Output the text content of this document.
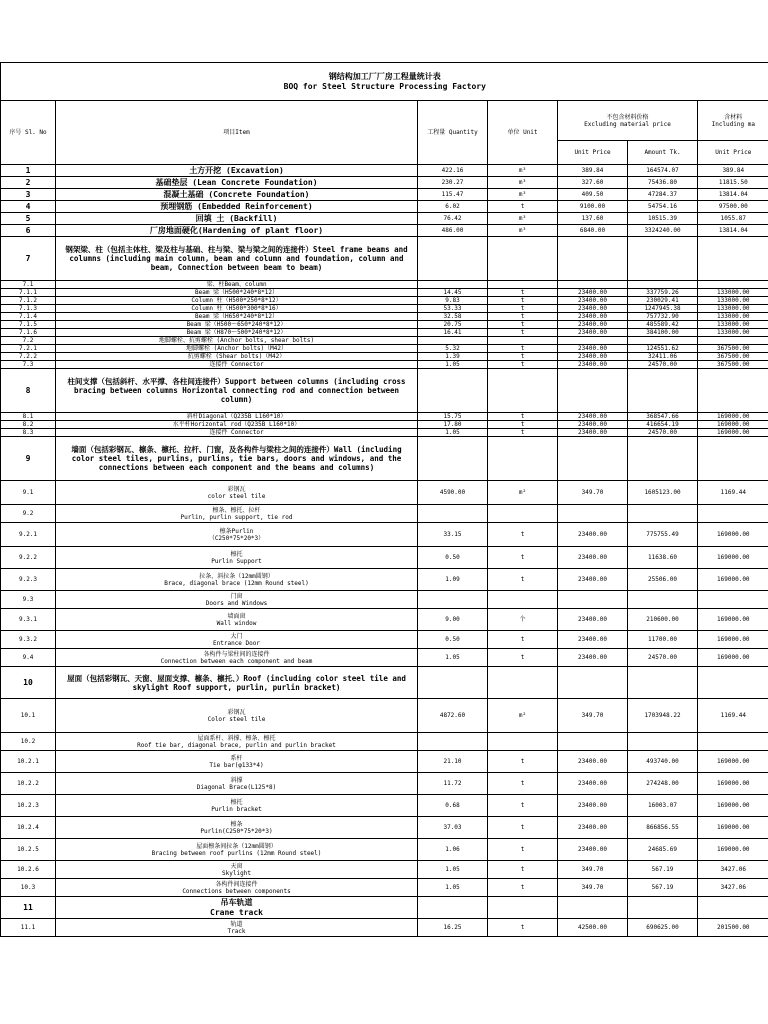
钢结构加工厂厂房工程量统计表
BOQ for Steel Structure Processing Factory						

序号 Sl. No	项目Item	工程量 Quantity	单位 Unit	不包含材料价格
Excluding material price		含材料
Including ma

				Unit Price	Amount Tk.	Unit Price
1	土方开挖 (Excavation)	422.16	m³	389.84	164574.07	389.84
2	基础垫层 (Lean Concrete Foundation)	230.27	m³	327.60	75436.80	11815.50
3	混凝土基础 (Concrete Foundation)	115.47	m³	409.50	47284.37	13814.04
4	预埋钢筋 (Embedded Reinforcement)	6.02	t	9100.00	54754.16	97500.00
5	回填 土 (Backfill)	76.42	m³	137.60	10515.39	1055.87
6	厂房地面硬化(Hardening of plant floor)	486.00	m³	6840.00	3324240.00	13814.04
7	钢架梁、柱（包括主体柱、梁及柱与基础、柱与梁、梁与梁之间的连接件）Steel frame beams and columns (including main column, beam and column and foundation, column and beam, Connection between beam to beam)					
7.1	梁、柱Beam、column					
7.1.1	Beam 梁（H500*240*8*12）	14.45	t	23400.00	337759.26	133000.00
7.1.2	Column 柱（H500*250*8*12）	9.83	t	23400.00	230029.41	133000.00
7.1.3	Column 柱（H500*300*8*16）	53.33	t	23400.00	1247945.38	133000.00
7.1.4	Beam 梁（H650*240*8*12）	32.58	t	23400.00	757732.90	133000.00
7.1.5	Beam 梁（H500～650*240*8*12）	20.75	t	23400.00	485589.42	133000.00
7.1.6	Beam 梁（H870～500*240*8*12）	16.41	t	23400.00	384100.00	133000.00
7.2	地脚螺栓、抗剪螺栓 (Anchor bolts, shear bolts)					
7.2.1	地脚螺栓 (Anchor bolts)（M42）	5.32	t	23400.00	124551.62	367500.00
7.2.2	抗剪螺栓 (Shear bolts)（M42）	1.39	t	23400.00	32411.06	367500.00
7.3	连接件 Connector	1.05	t	23400.00	24570.00	367500.00
8	柱间支撑（包括斜杆、水平撑、各柱间连接件）Support between columns (including cross bracing between columns Horizontal connecting rod and connection between column)					
8.1	斜杆Diagonal（Q235B L160*10）	15.75	t	23400.00	368547.66	169000.00
8.2	水平杆Horizontal rod（Q235B L160*10）	17.80	t	23400.00	416654.19	169000.00
8.3	连接件 Connector	1.05	t	23400.00	24570.00	169000.00
9	墙面（包括彩钢瓦、檩条、檩托、拉杆、门窗，及各构件与梁柱之间的连接件）Wall (including color steel tiles, purlins, purlins, tie bars, doors and windows, and the connections between each component and the beams and columns)					
9.1	彩钢瓦
color steel tile	4590.00	m²	349.70	1605123.00	1169.44
9.2	檩条、檩托、拉杆
Purlin, purlin support, tie rod					

9.2.1	檩条Purlin
（C250*75*20*3）	33.15	t	23400.00	775755.49	169000.00
9.2.2	檩托
Purlin Support	0.50	t	23400.00	11638.60	169000.00
9.2.3	拉条、斜拉条（12mm圆钢）
Brace, diagonal brace (12mm Round steel)	1.09	t	23400.00	25506.00	169000.00
9.3	门窗
Doors and Windows					

9.3.1	墙面窗
Wall window	9.00	个	23400.00	210600.00	169000.00
9.3.2	大门
Entrance Door	0.50	t	23400.00	11700.00	169000.00
9.4	各构件与梁柱间的连接件
Connection between each component and beam	1.05	t	23400.00	24570.00	169000.00
10	屋面（包括彩钢瓦、天窗、屋面支撑、檩条、檩托、）Roof (including color steel tile and skylight Roof support, purlin, purlin bracket)					
10.1	彩钢瓦
Color steel tile	4872.60	m²	349.70	1703948.22	1169.44
10.2	屋面系杆、斜撑、檩条、檩托
Roof tie bar, diagonal brace, purlin and purlin bracket					

10.2.1	系杆
Tie bar(φ133*4)	21.10	t	23400.00	493740.00	169000.00
10.2.2	斜撑
Diagonal Brace(L125*8)	11.72	t	23400.00	274248.00	169000.00
10.2.3	檩托
Purlin bracket	0.68	t	23400.00	16003.07	169000.00
10.2.4	檩条
Purlin(C250*75*20*3)	37.03	t	23400.00	866856.55	169000.00
10.2.5	屋面檩条间拉条（12mm圆钢）
Bracing between roof purlins (12mm Round steel)	1.06	t	23400.00	24685.69	169000.00
10.2.6	天窗
Skylight	1.05	t	349.70	567.19	3427.06
10.3	各构件间连接件
Connections between components	1.05	t	349.70	567.19	3427.06
11	吊车轨道
Crane track					

11.1	轨道
Track	16.25	t	42500.00	690625.00	201500.00
